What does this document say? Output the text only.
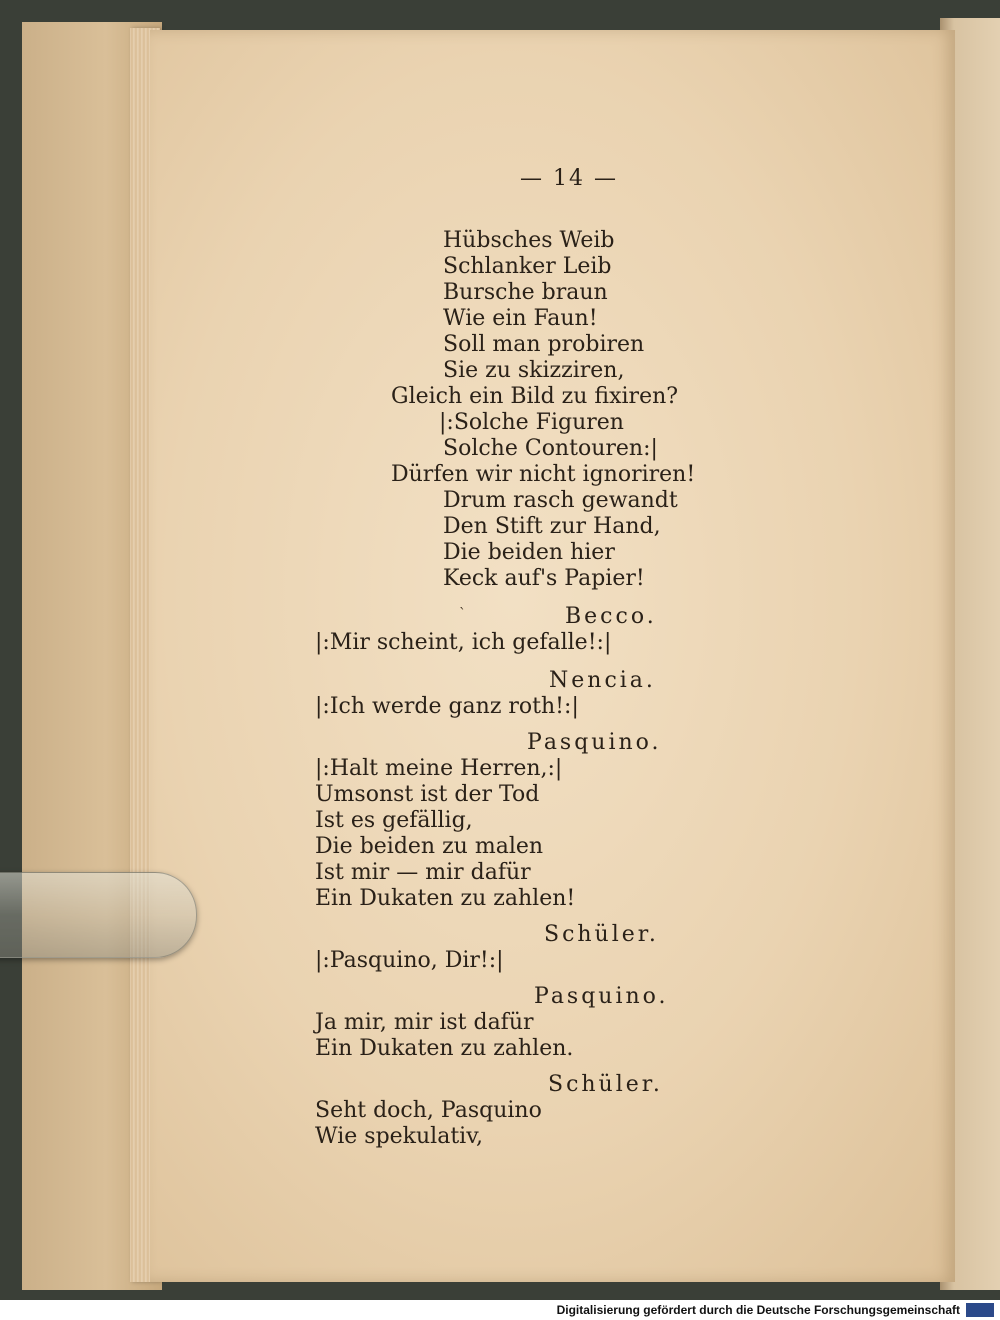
— 14 —
Hübsches Weib
Schlanker Leib
Bursche braun
Wie ein Faun!
Soll man probiren
Sie zu skizziren,
Gleich ein Bild zu fixiren?
|:Solche Figuren
Solche Contouren:|
Dürfen wir nicht ignoriren!
Drum rasch gewandt
Den Stift zur Hand,
Die beiden hier
Keck auf's Papier!
ˋ	Becco.
|:Mir scheint, ich gefalle!:|
Nencia.
|:Ich werde ganz roth!:|
Pasquino.
|:Halt meine Herren,:|
Umsonst ist der Tod
Ist es gefällig,
Die beiden zu malen
Ist mir — mir dafür
Ein Dukaten zu zahlen!
Schüler.
|:Pasquino, Dir!:|
Pasquino.
Ja mir, mir ist dafür
Ein Dukaten zu zahlen.
Schüler.
Seht doch, Pasquino
Wie spekulativ,
Digitalisierung gefördert durch die Deutsche Forschungsgemeinschaft
